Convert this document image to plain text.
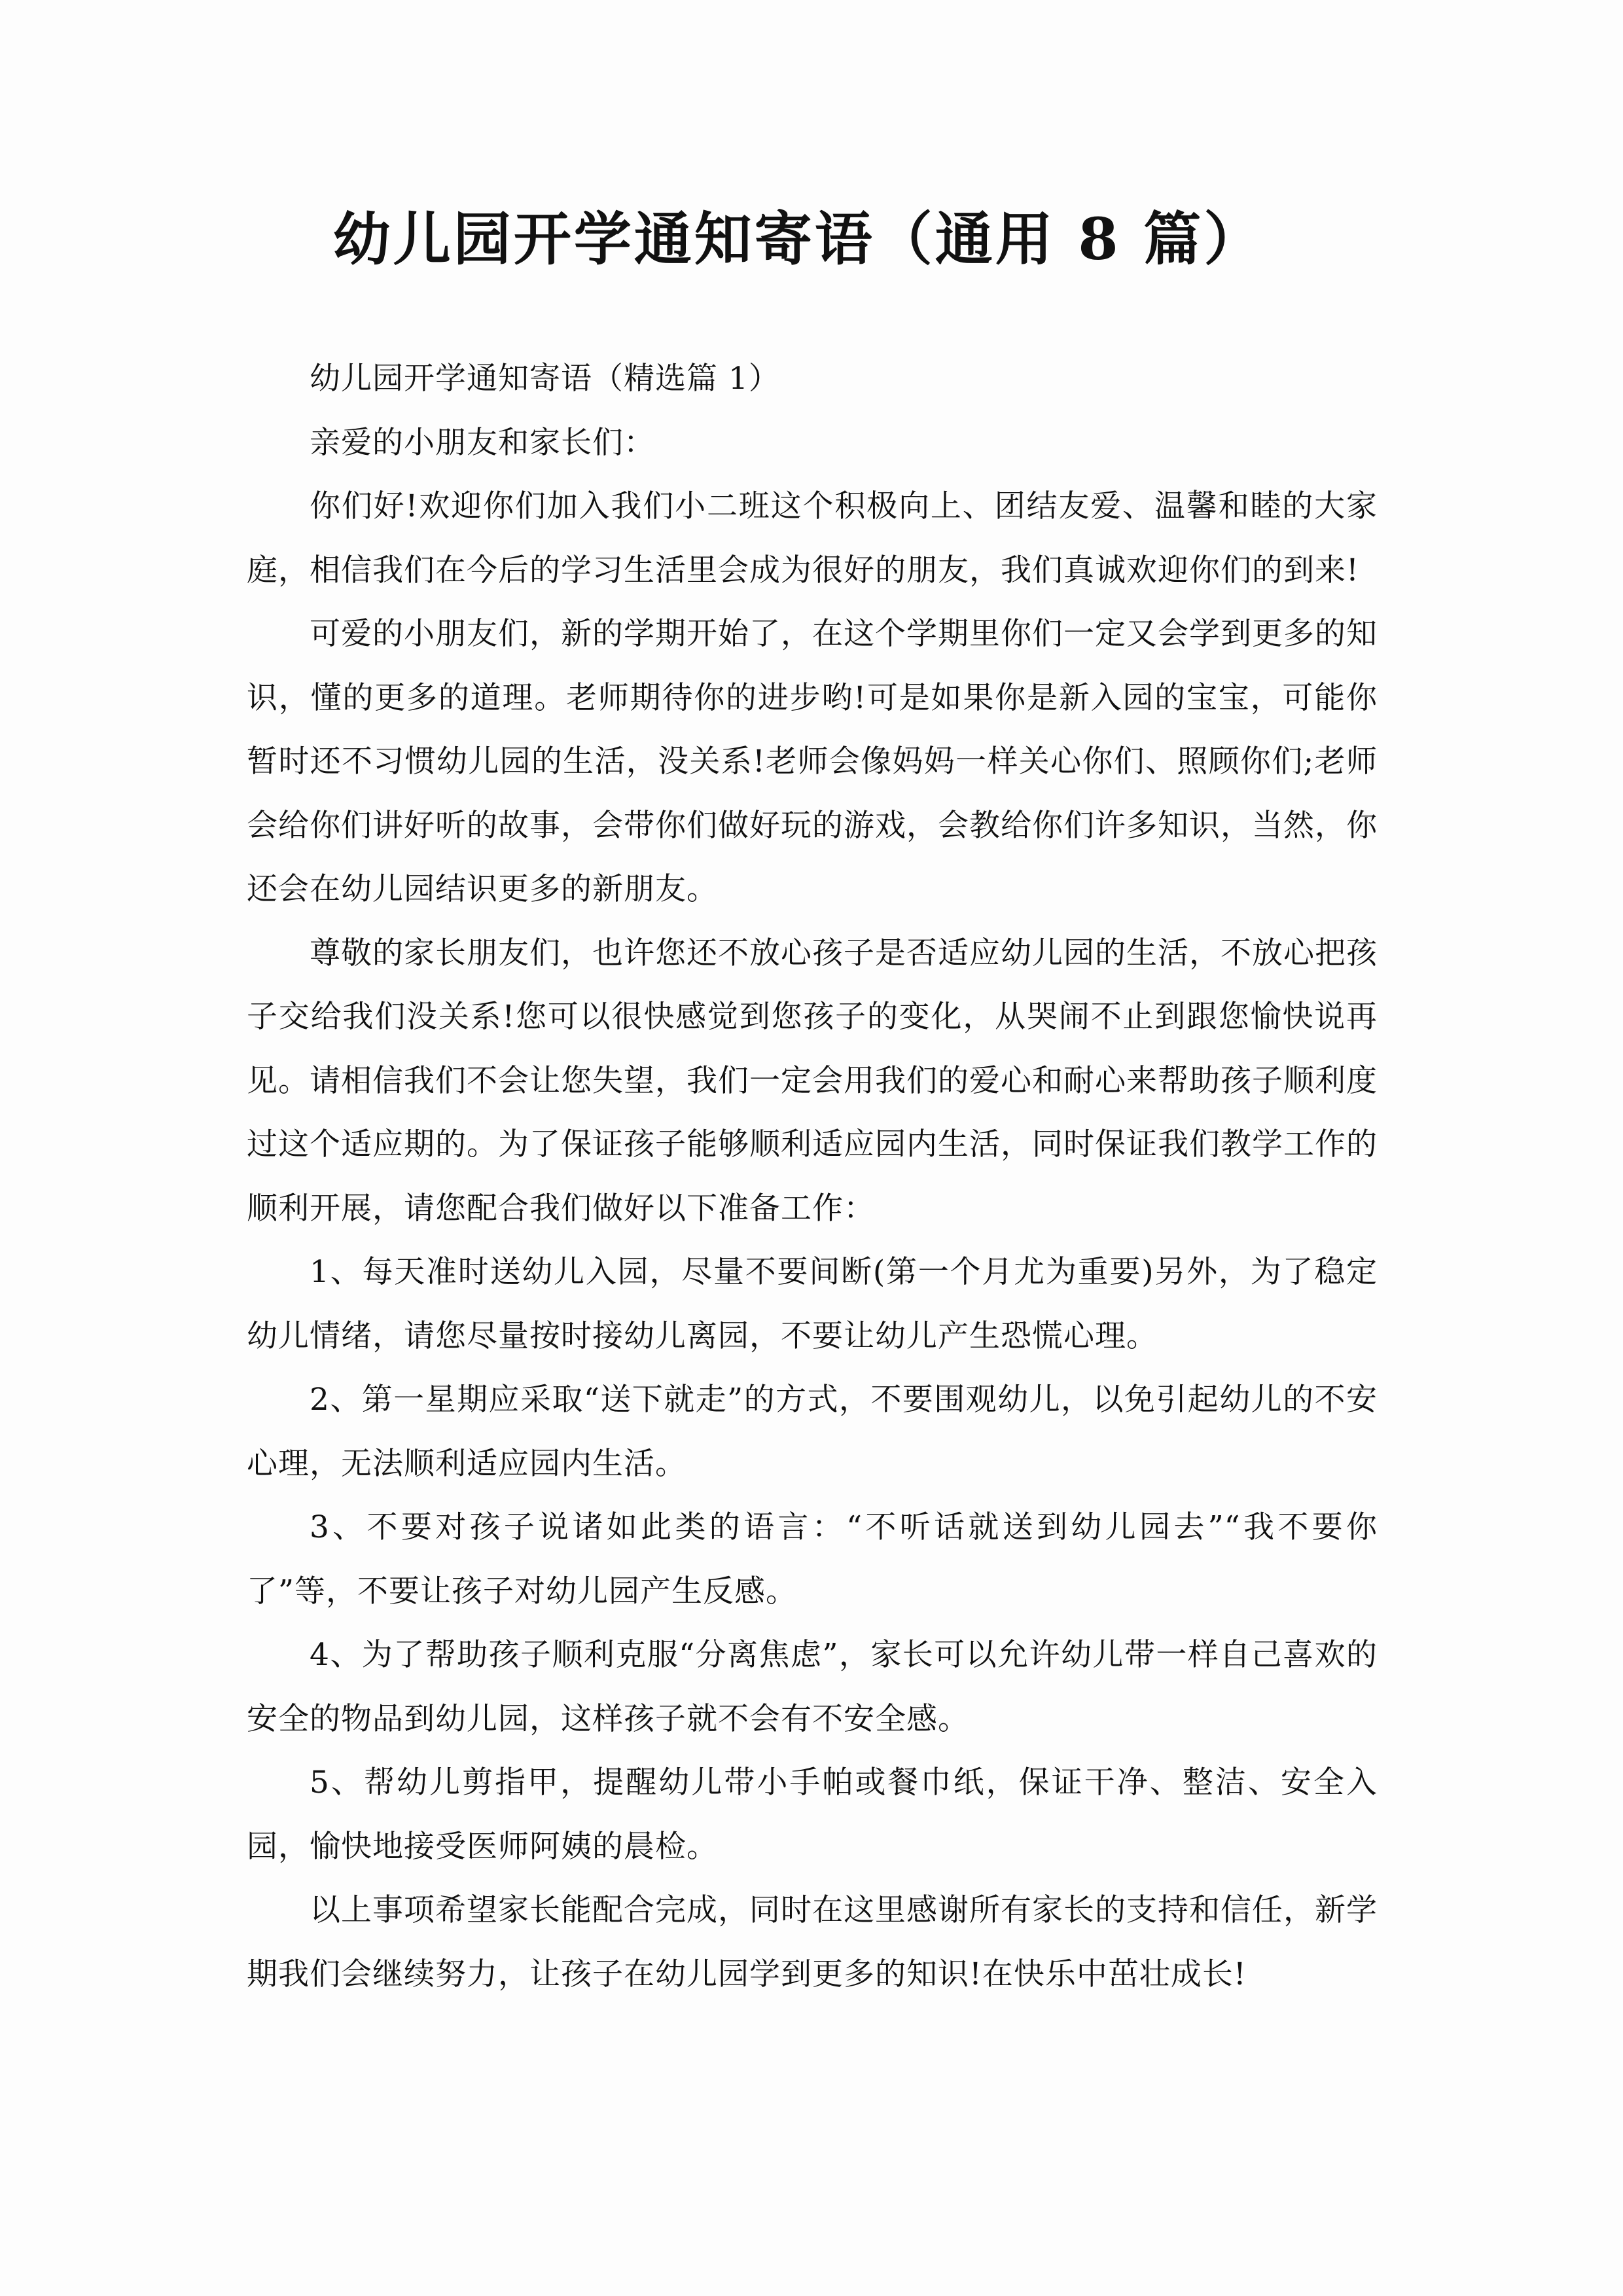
幼儿园开学通知寄语（通用 8 篇）

幼儿园开学通知寄语（精选篇 1）

亲爱的小朋友和家长们：

你们好!欢迎你们加入我们小二班这个积极向上、团结友爱、温馨和睦的大家庭，相信我们在今后的学习生活里会成为很好的朋友，我们真诚欢迎你们的到来!

可爱的小朋友们，新的学期开始了，在这个学期里你们一定又会学到更多的知识，懂的更多的道理。老师期待你的进步哟!可是如果你是新入园的宝宝，可能你暂时还不习惯幼儿园的生活，没关系!老师会像妈妈一样关心你们、照顾你们;老师会给你们讲好听的故事，会带你们做好玩的游戏，会教给你们许多知识，当然，你还会在幼儿园结识更多的新朋友。

尊敬的家长朋友们，也许您还不放心孩子是否适应幼儿园的生活，不放心把孩子交给我们没关系!您可以很快感觉到您孩子的变化，从哭闹不止到跟您愉快说再见。请相信我们不会让您失望，我们一定会用我们的爱心和耐心来帮助孩子顺利度过这个适应期的。为了保证孩子能够顺利适应园内生活，同时保证我们教学工作的顺利开展，请您配合我们做好以下准备工作：

1、每天准时送幼儿入园，尽量不要间断(第一个月尤为重要)另外，为了稳定幼儿情绪，请您尽量按时接幼儿离园，不要让幼儿产生恐慌心理。

2、第一星期应采取“送下就走”的方式，不要围观幼儿，以免引起幼儿的不安心理，无法顺利适应园内生活。

3、不要对孩子说诸如此类的语言：“不听话就送到幼儿园去”“我不要你了”等，不要让孩子对幼儿园产生反感。

4、为了帮助孩子顺利克服“分离焦虑”，家长可以允许幼儿带一样自己喜欢的安全的物品到幼儿园，这样孩子就不会有不安全感。

5、帮幼儿剪指甲，提醒幼儿带小手帕或餐巾纸，保证干净、整洁、安全入园，愉快地接受医师阿姨的晨检。

以上事项希望家长能配合完成，同时在这里感谢所有家长的支持和信任，新学期我们会继续努力，让孩子在幼儿园学到更多的知识!在快乐中茁壮成长!
